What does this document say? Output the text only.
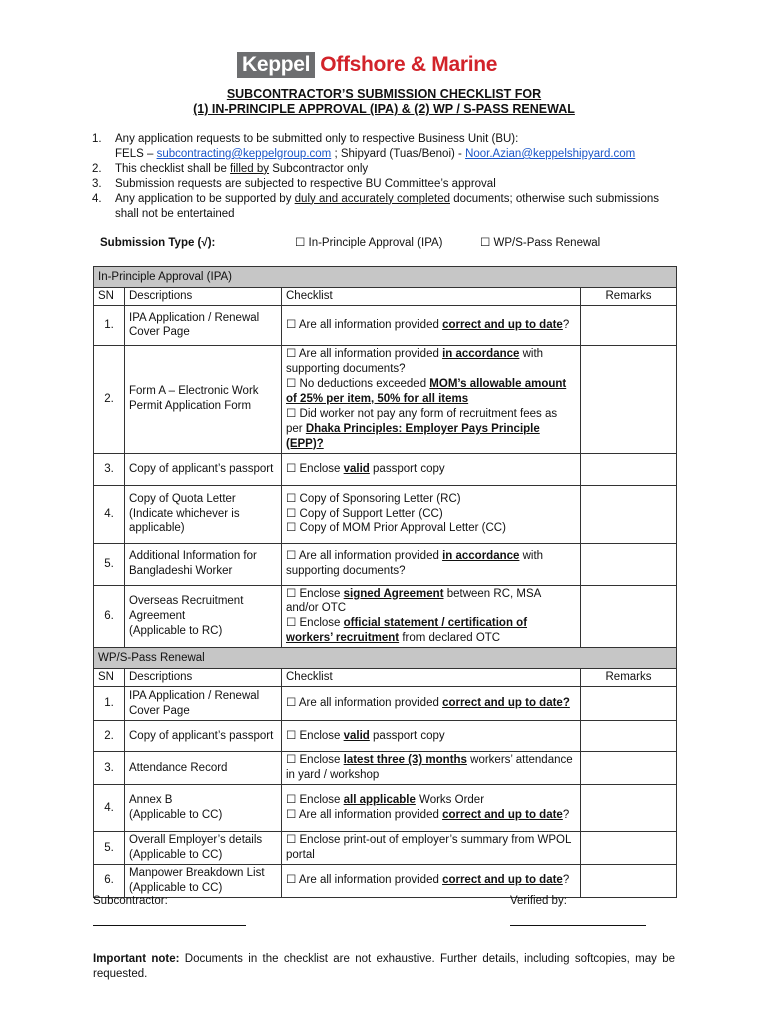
Keppel Offshore & Marine
SUBCONTRACTOR’S SUBMISSION CHECKLIST FOR
(1) IN-PRINCIPLE APPROVAL (IPA) & (2) WP / S-PASS RENEWAL
1.	Any application requests to be submitted only to respective Business Unit (BU):
FELS – subcontracting@keppelgroup.com ; Shipyard (Tuas/Benoi) - Noor.Azian@keppelshipyard.com
2.	This checklist shall be filled by Subcontractor only
3.	Submission requests are subjected to respective BU Committee’s approval
4.	Any application to be supported by duly and accurately completed documents; otherwise such submissions shall not be entertained
Submission Type (√):	☐ In-Principle Approval (IPA)	☐ WP/S-Pass Renewal
In-Principle Approval (IPA)			
SN	Descriptions	Checklist	Remarks
1.	IPA Application / Renewal Cover Page	☐ Are all information provided correct and up to date?	
2.	Form A – Electronic Work Permit Application Form	☐ Are all information provided in accordance with supporting documents?
☐ No deductions exceeded MOM’s allowable amount of 25% per item, 50% for all items
☐ Did worker not pay any form of recruitment fees as per Dhaka Principles: Employer Pays Principle (EPP)?	

3.	Copy of applicant’s passport	☐ Enclose valid passport copy	
4.	Copy of Quota Letter
(Indicate whichever is applicable)	☐ Copy of Sponsoring Letter (RC)
☐ Copy of Support Letter (CC)
☐ Copy of MOM Prior Approval Letter (CC)	

5.	Additional Information for Bangladeshi Worker	☐ Are all information provided in accordance with supporting documents?	
6.	Overseas Recruitment Agreement
(Applicable to RC)	☐ Enclose signed Agreement between RC, MSA and/or OTC
☐ Enclose official statement / certification of workers’ recruitment from declared OTC	

WP/S-Pass Renewal			
SN	Descriptions	Checklist	Remarks
1.	IPA Application / Renewal Cover Page	☐ Are all information provided correct and up to date?	
2.	Copy of applicant’s passport	☐ Enclose valid passport copy	
3.	Attendance Record	☐ Enclose latest three (3) months workers’ attendance in yard / workshop	
4.	Annex B
(Applicable to CC)	☐ Enclose all applicable Works Order
☐ Are all information provided correct and up to date?	

5.	Overall Employer’s details
(Applicable to CC)	☐ Enclose print-out of employer’s summary from WPOL portal	
6.	Manpower Breakdown List
(Applicable to CC)	☐ Are all information provided correct and up to date?	
Subcontractor:	Verified by:
Important note: Documents in the checklist are not exhaustive. Further details, including softcopies, may be requested.
